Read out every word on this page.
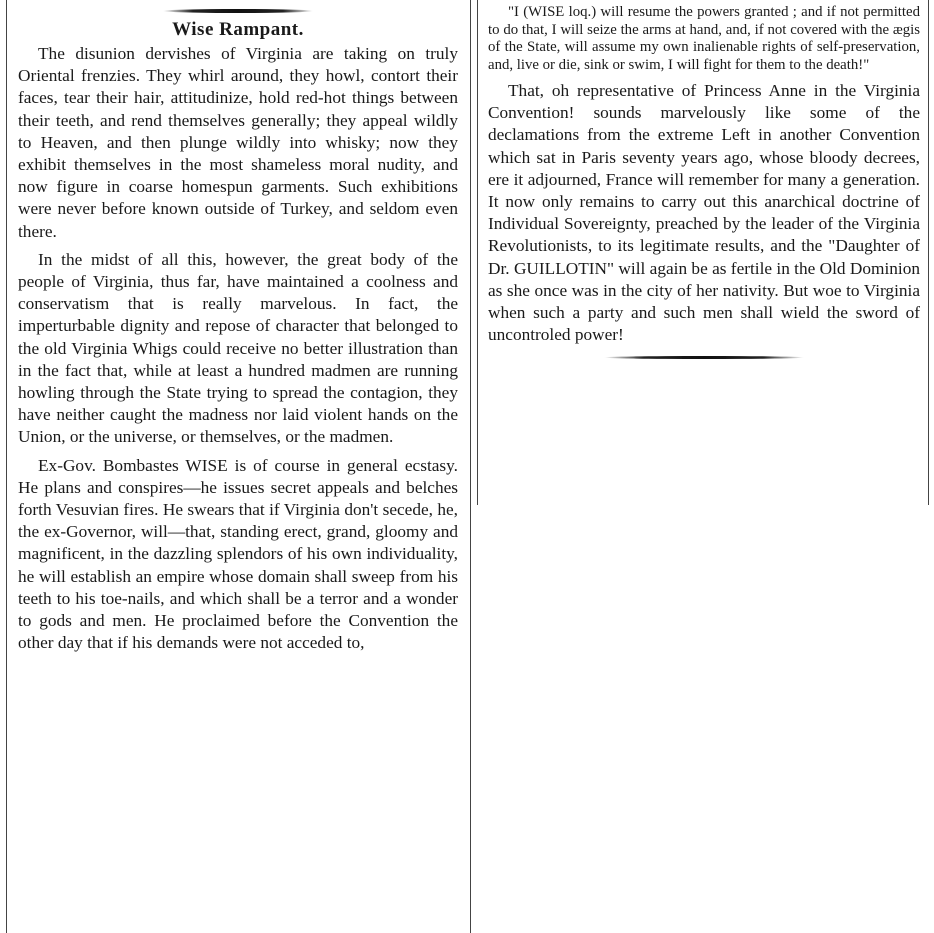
Wise Rampant.

The disunion dervishes of Virginia are taking on truly Oriental frenzies. They whirl around, they howl, contort their faces, tear their hair, attitudinize, hold red-hot things between their teeth, and rend themselves generally; they appeal wildly to Heaven, and then plunge wildly into whisky; now they exhibit themselves in the most shameless moral nudity, and now figure in coarse homespun garments. Such exhibitions were never before known outside of Turkey, and seldom even there.

In the midst of all this, however, the great body of the people of Virginia, thus far, have maintained a coolness and conservatism that is really marvelous. In fact, the imperturbable dignity and repose of character that belonged to the old Virginia Whigs could receive no better illustration than in the fact that, while at least a hundred madmen are running howling through the State trying to spread the contagion, they have neither caught the madness nor laid violent hands on the Union, or the universe, or themselves, or the madmen.

Ex-Gov. Bombastes WISE is of course in general ecstasy. He plans and conspires—he issues secret appeals and belches forth Vesuvian fires. He swears that if Virginia don't secede, he, the ex-Governor, will—that, standing erect, grand, gloomy and magnificent, in the dazzling splendors of his own individuality, he will establish an empire whose domain shall sweep from his teeth to his toe-nails, and which shall be a terror and a wonder to gods and men. He proclaimed before the Convention the other day that if his demands were not acceded to,

"I (WISE loq.) will resume the powers granted ; and if not permitted to do that, I will seize the arms at hand, and, if not covered with the ægis of the State, will assume my own inalienable rights of self-preservation, and, live or die, sink or swim, I will fight for them to the death!"

That, oh representative of Princess Anne in the Virginia Convention! sounds marvelously like some of the declamations from the extreme Left in another Convention which sat in Paris seventy years ago, whose bloody decrees, ere it adjourned, France will remember for many a generation. It now only remains to carry out this anarchical doctrine of Individual Sovereignty, preached by the leader of the Virginia Revolutionists, to its legitimate results, and the "Daughter of Dr. GUILLOTIN" will again be as fertile in the Old Dominion as she once was in the city of her nativity. But woe to Virginia when such a party and such men shall wield the sword of uncontroled power!
